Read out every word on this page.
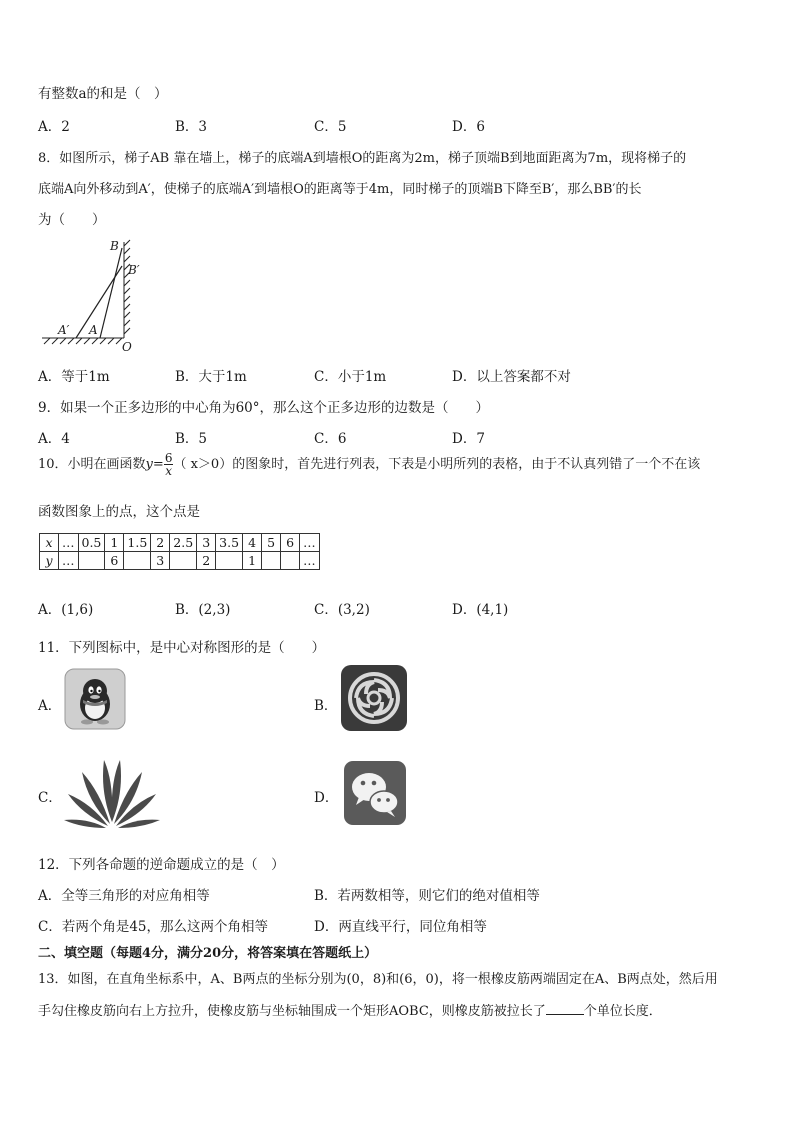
有整数a的和是（　）
A．2	B．3	C．5	D．6
8．如图所示，梯子AB 靠在墙上，梯子的底端A到墙根O的距离为2m，梯子顶端B到地面距离为7m，现将梯子的
底端A向外移动到A′，使梯子的底端A′到墙根O的距离等于4m，同时梯子的顶端B下降至B′，那么BB′的长
为（　　）
B
B′
A′ A
O
A．等于1m	B．大于1m	C．小于1m	D．以上答案都不对
9．如果一个正多边形的中心角为60°，那么这个正多边形的边数是（　　）
A．4	B．5	C．6	D．7
10．小明在画函数$y= \frac{6}{x}$ （ x＞0）的图象时，首先进行列表，下表是小明所列的表格，由于不认真列错了一个不在该
函数图象上的点，这个点是
x	…	0.5	1	1.5	2	2.5	3	3.5	4	5	6	…
y	…		6		3		2		1			…
A．(1,6)	B．(2,3)	C．(3,2)	D．(4,1)
11．下列图标中，是中心对称图形的是（　　）
A．	B．
C．	D．
12．下列各命题的逆命题成立的是（　）
A．全等三角形的对应角相等	B．若两数相等，则它们的绝对值相等
C．若两个角是45，那么这两个角相等	D．两直线平行，同位角相等
二、填空题（每题4分，满分20分，将答案填在答题纸上）
13．如图，在直角坐标系中，A、B两点的坐标分别为(0，8)和(6，0)，将一根橡皮筋两端固定在A、B两点处，然后用
手勾住橡皮筋向右上方拉升，使橡皮筋与坐标轴围成一个矩形AOBC，则橡皮筋被拉长了	个单位长度．
